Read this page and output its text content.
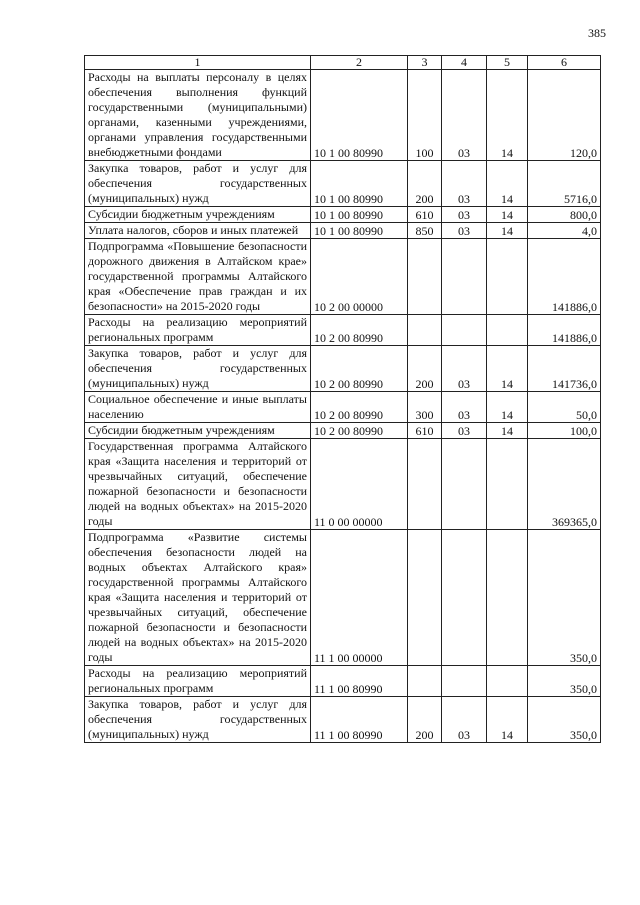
385
1	2	3	4	5	6
Расходы на выплаты персоналу в целях обеспечения выполнения функций государственными (муниципальными) органами, казенными учреждениями, органами управления государственными внебюджетными фондами	10 1 00 80990	100	03	14	120,0
Закупка товаров, работ и услуг для обеспечения государственных (муниципальных) нужд	10 1 00 80990	200	03	14	5716,0
Субсидии бюджетным учреждениям	10 1 00 80990	610	03	14	800,0
Уплата налогов, сборов и иных платежей	10 1 00 80990	850	03	14	4,0
Подпрограмма «Повышение безопасности дорожного движения в Алтайском крае» государственной программы Алтайского края «Обеспечение прав граждан и их безопасности» на 2015-2020 годы	10 2 00 00000				141886,0
Расходы на реализацию мероприятий региональных программ	10 2 00 80990				141886,0
Закупка товаров, работ и услуг для обеспечения государственных (муниципальных) нужд	10 2 00 80990	200	03	14	141736,0
Социальное обеспечение и иные выплаты населению	10 2 00 80990	300	03	14	50,0
Субсидии бюджетным учреждениям	10 2 00 80990	610	03	14	100,0
Государственная программа Алтайского края «Защита населения и территорий от чрезвычайных ситуаций, обеспечение пожарной безопасности и безопасности людей на водных объектах» на 2015-2020 годы	11 0 00 00000				369365,0
Подпрограмма «Развитие системы обеспечения безопасности людей на водных объектах Алтайского края» государственной программы Алтайского края «Защита населения и территорий от чрезвычайных ситуаций, обеспечение пожарной безопасности и безопасности людей на водных объектах» на 2015-2020 годы	11 1 00 00000				350,0
Расходы на реализацию мероприятий региональных программ	11 1 00 80990				350,0
Закупка товаров, работ и услуг для обеспечения государственных (муниципальных) нужд	11 1 00 80990	200	03	14	350,0
